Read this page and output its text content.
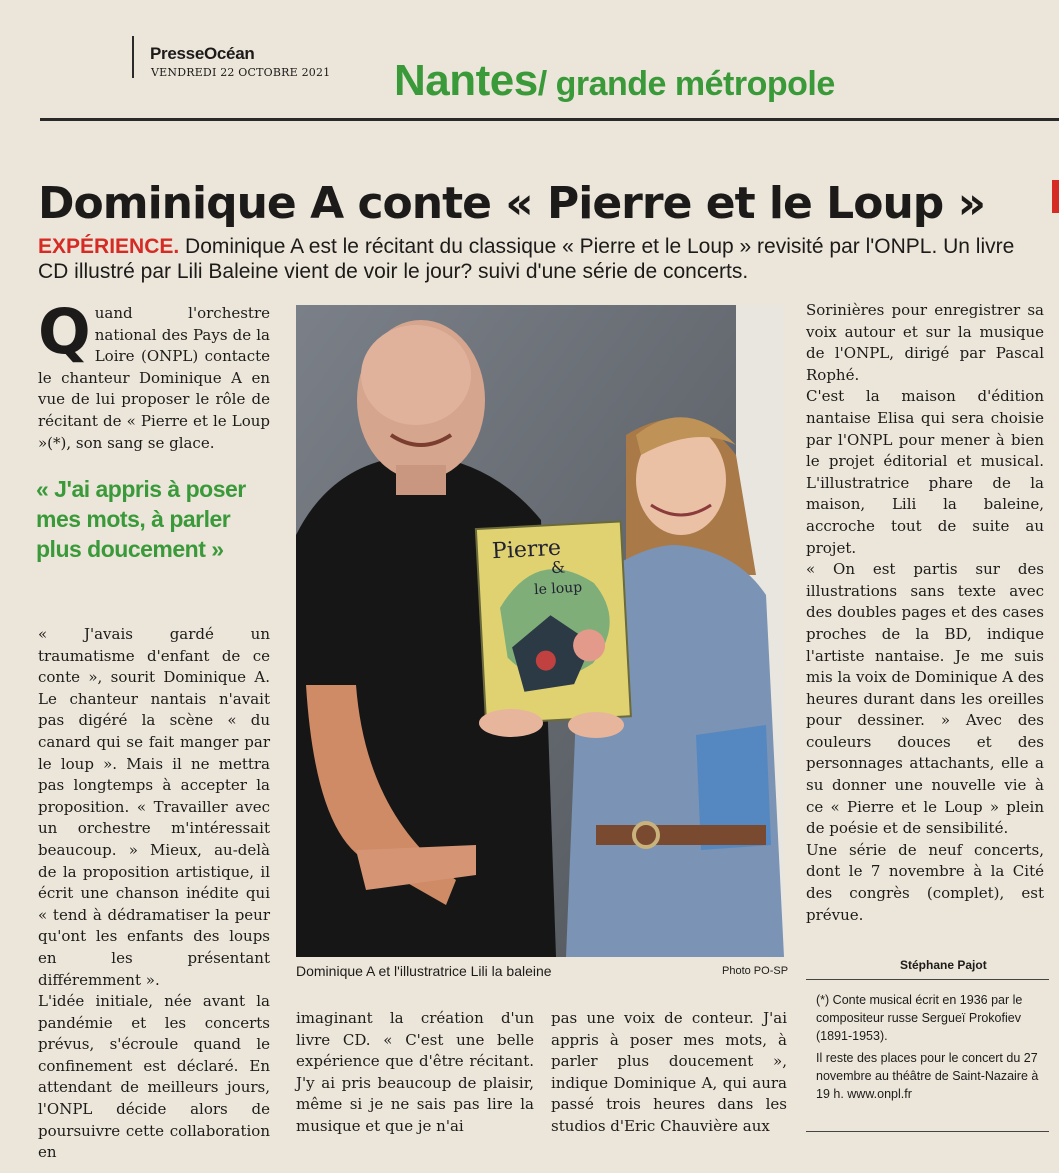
PresseOcéan
VENDREDI 22 OCTOBRE 2021 Nantes/ grande métropole
Dominique A conte « Pierre et le Loup »
EXPÉRIENCE. Dominique A est le récitant du classique « Pierre et le Loup » revisité par l'ONPL. Un livre CD illustré par Lili Baleine vient de voir le jour? suivi d'une série de concerts.
Q uand l'orchestre national des Pays de la Loire (ONPL) contacte le chanteur Dominique A en vue de lui proposer le rôle de récitant de « Pierre et le Loup »(*), son sang se glace.
« J'ai appris à poser mes mots, à parler plus doucement »

« J'avais gardé un traumatisme d'enfant de ce conte », sourit Dominique A. Le chanteur nantais n'avait pas digéré la scène « du canard qui se fait manger par le loup ». Mais il ne mettra pas longtemps à accepter la proposition. « Travailler avec un orchestre m'intéressait beaucoup. » Mieux, au-delà de la proposition artistique, il écrit une chanson inédite qui « tend à dédramatiser la peur qu'ont les enfants des loups en les présentant différemment ».

L'idée initiale, née avant la pandémie et les concerts prévus, s'écroule quand le confinement est déclaré. En attendant de meilleurs jours, l'ONPL décide alors de poursuivre cette collaboration en

Pierre
&
le loup
Dominique A et l'illustratrice Lili la baleine	Photo PO-SP

imaginant la création d'un livre CD. « C'est une belle expérience que d'être récitant. J'y ai pris beaucoup de plaisir, même si je ne sais pas lire la musique et que je n'ai

pas une voix de conteur. J'ai appris à poser mes mots, à parler plus doucement », indique Dominique A, qui aura passé trois heures dans les studios d'Eric Chauvière aux

Sorinières pour enregistrer sa voix autour et sur la musique de l'ONPL, dirigé par Pascal Rophé.

C'est la maison d'édition nantaise Elisa qui sera choisie par l'ONPL pour mener à bien le projet éditorial et musical. L'illustratrice phare de la maison, Lili la baleine, accroche tout de suite au projet.

« On est partis sur des illustrations sans texte avec des doubles pages et des cases proches de la BD, indique l'artiste nantaise. Je me suis mis la voix de Dominique A des heures durant dans les oreilles pour dessiner. » Avec des couleurs douces et des personnages attachants, elle a su donner une nouvelle vie à ce « Pierre et le Loup » plein de poésie et de sensibilité.

Une série de neuf concerts, dont le 7 novembre à la Cité des congrès (complet), est prévue.

Stéphane Pajot

(*) Conte musical écrit en 1936 par le compositeur russe Sergueï Prokofiev (1891-1953).

Il reste des places pour le concert du 27 novembre au théâtre de Saint-Nazaire à 19 h. www.onpl.fr
